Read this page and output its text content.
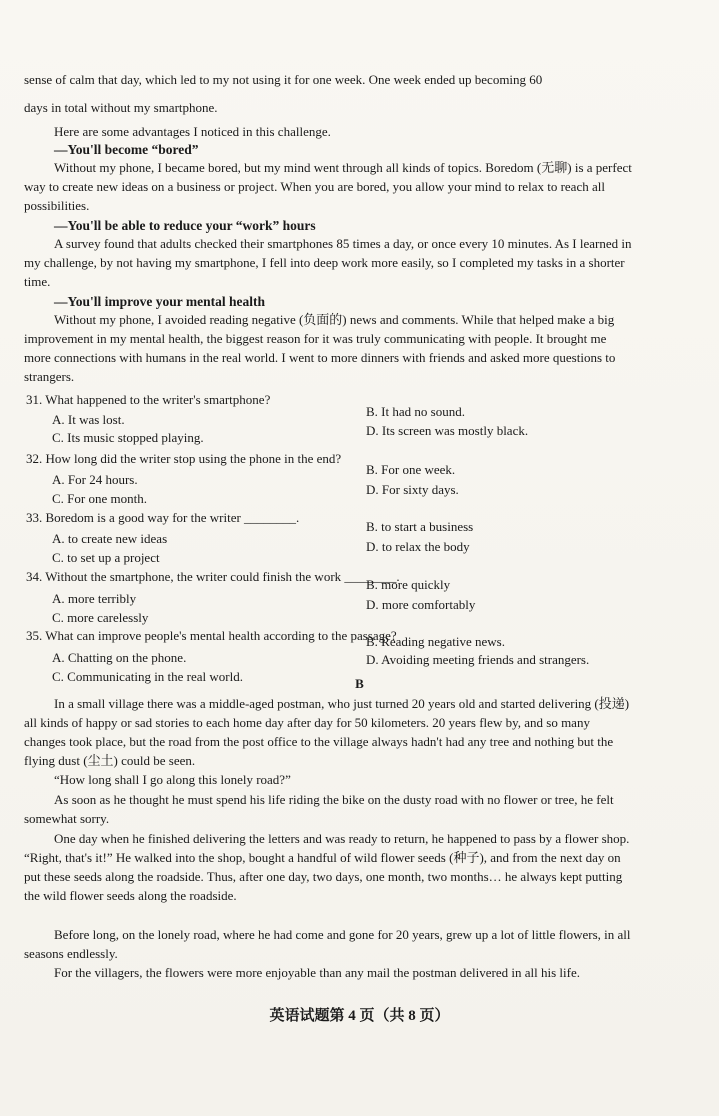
sense of calm that day, which led to my not using it for one week. One week ended up becoming 60

days in total without my smartphone.

Here are some advantages I noticed in this challenge.

—You'll become “bored”

Without my phone, I became bored, but my mind went through all kinds of topics. Boredom (无聊) is a perfect way to create new ideas on a business or project. When you are bored, you allow your mind to relax to reach all possibilities.

—You'll be able to reduce your “work” hours

A survey found that adults checked their smartphones 85 times a day, or once every 10 minutes. As I learned in my challenge, by not having my smartphone, I fell into deep work more easily, so I completed my tasks in a shorter time.

—You'll improve your mental health

Without my phone, I avoided reading negative (负面的) news and comments. While that helped make a big improvement in my mental health, the biggest reason for it was truly communicating with people. It brought me more connections with humans in the real world. I went to more dinners with friends and asked more questions to strangers.

31. What happened to the writer's smartphone?
A. It was lost.
B. It had no sound.
C. Its music stopped playing.	D. Its screen was mostly black.
32. How long did the writer stop using the phone in the end?
A. For 24 hours.
B. For one week.
C. For one month.
D. For sixty days.
33. Boredom is a good way for the writer ________.
A. to create new ideas
B. to start a business
C. to set up a project
D. to relax the body
34. Without the smartphone, the writer could finish the work ________.
A. more terribly
B. more quickly
C. more carelessly
D. more comfortably
35. What can improve people's mental health according to the passage?
A. Chatting on the phone.
B. Reading negative news.
C. Communicating in the real world.
D. Avoiding meeting friends and strangers.
B

In a small village there was a middle-aged postman, who just turned 20 years old and started delivering (投递) all kinds of happy or sad stories to each home day after day for 50 kilometers. 20 years flew by, and so many changes took place, but the road from the post office to the village always hadn't had any tree and nothing but the flying dust (尘土) could be seen.

“How long shall I go along this lonely road?”

As soon as he thought he must spend his life riding the bike on the dusty road with no flower or tree, he felt somewhat sorry.

One day when he finished delivering the letters and was ready to return, he happened to pass by a flower shop. “Right, that's it!” He walked into the shop, bought a handful of wild flower seeds (种子), and from the next day on put these seeds along the roadside. Thus, after one day, two days, one month, two months… he always kept putting the wild flower seeds along the roadside.

Before long, on the lonely road, where he had come and gone for 20 years, grew up a lot of little flowers, in all seasons endlessly.

For the villagers, the flowers were more enjoyable than any mail the postman delivered in all his life.

英语试题第 4 页（共 8 页）
